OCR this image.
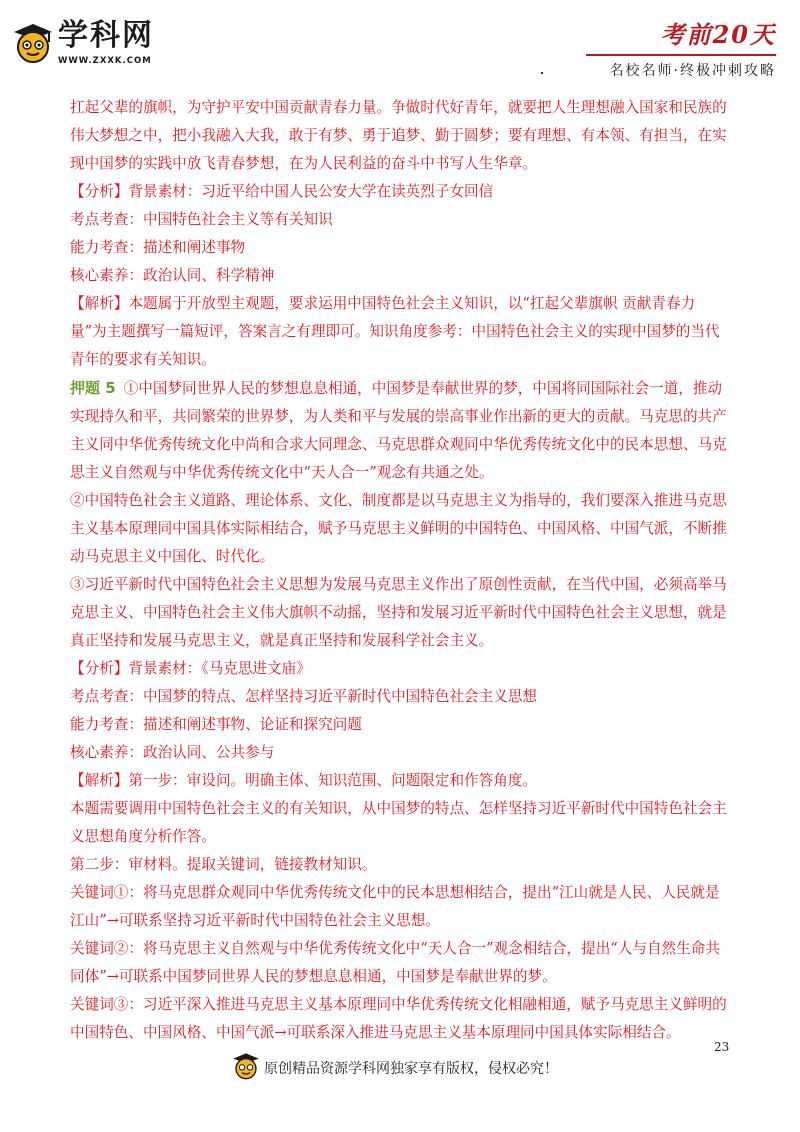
学科网
WWW.ZXXK.COM
考前20天
名校名师·终极冲刺攻略

扛起父辈的旗帜，为守护平安中国贡献青春力量。争做时代好青年，就要把人生理想融入国家和民族的伟大梦想之中，把小我融入大我，敢于有梦、勇于追梦、勤于圆梦；要有理想、有本领、有担当，在实现中国梦的实践中放飞青春梦想，在为人民利益的奋斗中书写人生华章。

【分析】背景素材：习近平给中国人民公安大学在读英烈子女回信

考点考查：中国特色社会主义等有关知识

能力考查：描述和阐述事物

核心素养：政治认同、科学精神

【解析】本题属于开放型主观题，要求运用中国特色社会主义知识，以“扛起父辈旗帜 贡献青春力量”为主题撰写一篇短评，答案言之有理即可。知识角度参考：中国特色社会主义的实现中国梦的当代青年的要求有关知识。

押题 5 ①中国梦同世界人民的梦想息息相通，中国梦是奉献世界的梦，中国将同国际社会一道，推动实现持久和平，共同繁荣的世界梦，为人类和平与发展的崇高事业作出新的更大的贡献。马克思的共产主义同中华优秀传统文化中尚和合求大同理念、马克思群众观同中华优秀传统文化中的民本思想、马克思主义自然观与中华优秀传统文化中“天人合一”观念有共通之处。

②中国特色社会主义道路、理论体系、文化、制度都是以马克思主义为指导的，我们要深入推进马克思主义基本原理同中国具体实际相结合，赋予马克思主义鲜明的中国特色、中国风格、中国气派，不断推动马克思主义中国化、时代化。

③习近平新时代中国特色社会主义思想为发展马克思主义作出了原创性贡献，在当代中国，必须高举马克思主义、中国特色社会主义伟大旗帜不动摇，坚持和发展习近平新时代中国特色社会主义思想，就是真正坚持和发展马克思主义，就是真正坚持和发展科学社会主义。

【分析】背景素材：《马克思进文庙》

考点考查：中国梦的特点、怎样坚持习近平新时代中国特色社会主义思想

能力考查：描述和阐述事物、论证和探究问题

核心素养：政治认同、公共参与

【解析】第一步：审设问。明确主体、知识范围、问题限定和作答角度。

本题需要调用中国特色社会主义的有关知识，从中国梦的特点、怎样坚持习近平新时代中国特色社会主义思想角度分析作答。

第二步：审材料。提取关键词，链接教材知识。

关键词①：将马克思群众观同中华优秀传统文化中的民本思想相结合，提出“江山就是人民、人民就是江山”→可联系坚持习近平新时代中国特色社会主义思想。

关键词②：将马克思主义自然观与中华优秀传统文化中“天人合一”观念相结合，提出“人与自然生命共同体”→可联系中国梦同世界人民的梦想息息相通，中国梦是奉献世界的梦。

关键词③：习近平深入推进马克思主义基本原理同中华优秀传统文化相融相通，赋予马克思主义鲜明的中国特色、中国风格、中国气派→可联系深入推进马克思主义基本原理同中国具体实际相结合。

23
原创精品资源学科网独家享有版权，侵权必究！
